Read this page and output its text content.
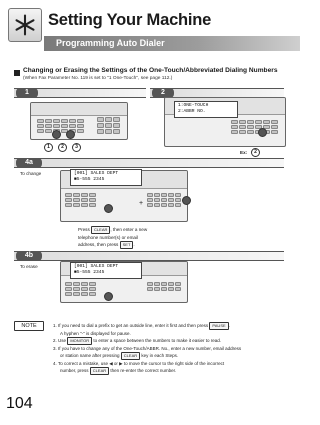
Setting Your Machine
Programming Auto Dialer
Changing or Erasing the Settings of the One-Touch/Abbreviated Dialing Numbers
(When Fax Parameter No. 119 is set to "1 One-Touch", see page 112.)
1	2
1	2	3
1:ONE-TOUCH
2:ABBR NO.
Ex:	2
4a
To change	[001] SALES DEPT
■5-555 2345
+
Press CLEAR , then enter a new
telephone number(s) or email
address, then press SET .
4b
To erase	[001] SALES DEPT
■5-555 2345
NOTE	1. If you need to dial a prefix to get an outside line, enter it first and then press PAUSE .
A hyphen "-" is displayed for pause.
2. Use MONITOR to enter a space between the numbers to make it easier to read.
3. If you have to change any of the One-Touch/ABBR. No., enter a new number, email address
or station name after pressing CLEAR key in each Steps.
4. To correct a mistake, use ◀ or ▶ to move the cursor to the right side of the incorrect
number, press CLEAR then re-enter the correct number.
104
